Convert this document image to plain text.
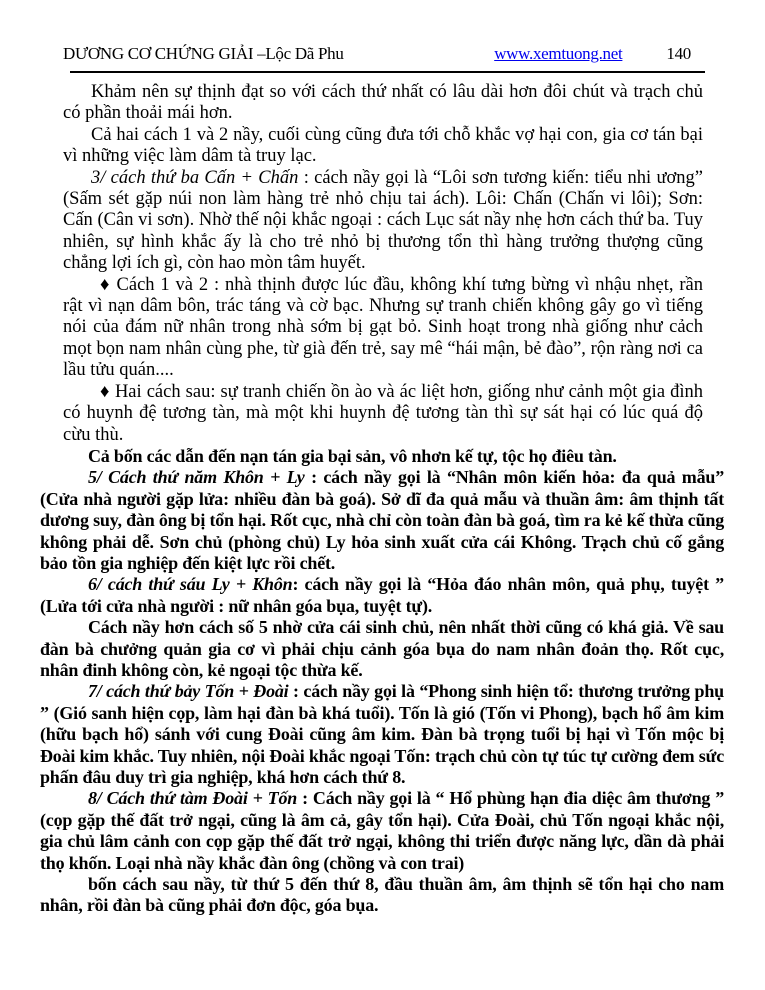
DƯƠNG CƠ CHỨNG GIẢI –Lộc Dã Phu	www.xemtuong.net	140

Khảm nên sự thịnh đạt so với cách thứ nhất có lâu dài hơn đôi chút và trạch chủ có phần thoải mái hơn.

Cả hai cách 1 và 2 nầy, cuối cùng cũng đưa tới chỗ khắc vợ hại con, gia cơ tán bại vì những việc làm dâm tà truy lạc.

3/ cách thứ ba Cấn + Chấn : cách nầy gọi là “Lôi sơn tương kiến: tiểu nhi ương” (Sấm sét gặp núi non làm hàng trẻ nhỏ chịu tai ách). Lôi: Chấn (Chấn vi lôi); Sơn: Cấn (Cân vi sơn). Nhờ thế nội khắc ngoại : cách Lục sát nầy nhẹ hơn cách thứ ba. Tuy nhiên, sự hình khắc ấy là cho trẻ nhỏ bị thương tổn thì hàng trưởng thượng cũng chẳng lợi ích gì, còn hao mòn tâm huyết.

♦ Cách 1 và 2 : nhà thịnh được lúc đầu, không khí tưng bừng vì nhậu nhẹt, rần rật vì nạn dâm bôn, trác táng và cờ bạc. Nhưng sự tranh chiến không gây go vì tiếng nói của đám nữ nhân trong nhà sớm bị gạt bỏ. Sinh hoạt trong nhà giống như cảch mọt bọn nam nhân cùng phe, từ già đến trẻ, say mê “hái mận, bẻ đào”, rộn ràng nơi ca lầu tửu quán....

♦ Hai cách sau: sự tranh chiến ồn ào và ác liệt hơn, giống như cảnh một gia đình có huynh đệ tương tàn, mà một khi huynh đệ tương tàn thì sự sát hại có lúc quá độ cừu thù.

Cả bốn các dẫn đến nạn tán gia bại sản, vô nhơn kế tự, tộc họ điêu tàn.

5/ Cách thứ năm Khôn + Ly : cách nầy gọi là “Nhân môn kiến hỏa: đa quả mẫu” (Cửa nhà người gặp lửa: nhiều đàn bà goá). Sở dĩ đa quả mẫu và thuần âm: âm thịnh tất dương suy, đàn ông bị tổn hại. Rốt cục, nhà chỉ còn toàn đàn bà goá, tìm ra kẻ kế thừa cũng không phải dễ. Sơn chủ (phòng chủ) Ly hỏa sinh xuất cửa cái Không. Trạch chủ cố gắng bảo tồn gia nghiệp đến kiệt lực rồi chết.

6/ cách thứ sáu Ly + Khôn: cách nầy gọi là “Hỏa đáo nhân môn, quả phụ, tuyệt ” (Lửa tới cửa nhà người : nữ nhân góa bụa, tuyệt tự).

Cách nầy hơn cách số 5 nhờ cửa cái sinh chủ, nên nhất thời cũng có khá giả. Về sau đàn bà chưởng quản gia cơ vì phải chịu cảnh góa bụa do nam nhân đoản thọ. Rốt cục, nhân đinh không còn, kẻ ngoại tộc thừa kế.

7/ cách thứ bảy Tốn + Đoài : cách nầy gọi là “Phong sinh hiện tổ: thương trưởng phụ ” (Gió sanh hiện cọp, làm hại đàn bà khá tuổi). Tốn là gió (Tốn vi Phong), bạch hổ âm kim (hữu bạch hổ) sánh với cung Đoài cũng âm kim. Đàn bà trọng tuổi bị hại vì Tốn mộc bị Đoài kim khắc. Tuy nhiên, nội Đoài khắc ngoại Tốn: trạch chủ còn tự túc tự cường đem sức phấn đâu duy trì gia nghiệp, khá hơn cách thứ 8.

8/ Cách thứ tàm Đoài + Tốn : Cách nầy gọi là “ Hổ phùng hạn đia diệc âm thương ” (cọp gặp thế đất trở ngại, cũng là âm cả, gây tổn hại). Cửa Đoài, chủ Tốn ngoại khắc nội, gia chủ lâm cảnh con cọp gặp thế đất trở ngại, không thi triển được năng lực, dần dà phải thọ khốn. Loại nhà nầy khắc đàn ông (chồng và con trai)

bốn cách sau nầy, từ thứ 5 đến thứ 8, đầu thuần âm, âm thịnh sẽ tổn hại cho nam nhân, rồi đàn bà cũng phải đơn độc, góa bụa.
